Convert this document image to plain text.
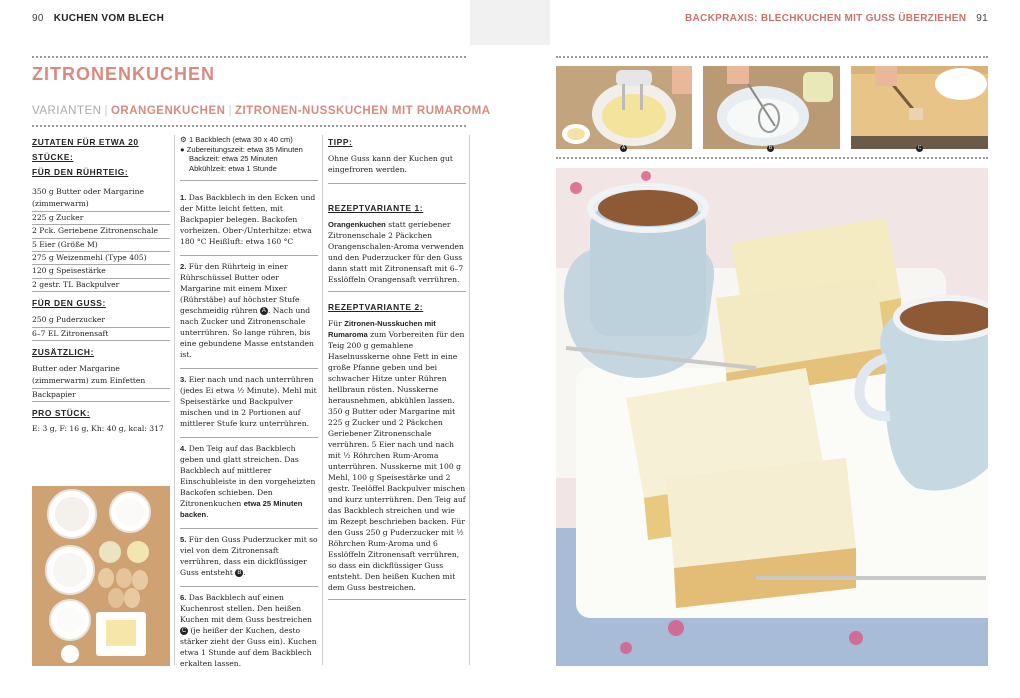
90 KUCHEN VOM BLECH
ZITRONENKUCHEN
VARIANTEN | ORANGENKUCHEN | ZITRONEN-NUSSKUCHEN MIT RUMAROMA
ZUTATEN FÜR ETWA 20 STÜCKE:
FÜR DEN RÜHRTEIG:
350 g Butter oder Margarine (zimmerwarm)
225 g Zucker
2 Pck. Geriebene Zitronenschale
5 Eier (Größe M)
275 g Weizenmehl (Type 405)
120 g Speisestärke
2 gestr. TL Backpulver
FÜR DEN GUSS:
250 g Puderzucker
6–7 EL Zitronensaft
ZUSÄTZLICH:
Butter oder Margarine (zimmerwarm) zum Einfetten
Backpapier
PRO STÜCK:
E: 3 g, F: 16 g, Kh: 40 g, kcal: 317
⚙ 1 Backblech (etwa 30 x 40 cm)
● Zubereitungszeit: etwa 35 Minuten
Backzeit: etwa 25 Minuten
Abkühlzeit: etwa 1 Stunde
1. Das Backblech in den Ecken und der Mitte leicht fetten, mit Backpapier belegen. Backofen vorheizen. Ober-/Unterhitze: etwa 180 °C Heißluft: etwa 160 °C
2. Für den Rührteig in einer Rührschüssel Butter oder Margarine mit einem Mixer (Rührstäbe) auf höchster Stufe geschmeidig rühren A . Nach und nach Zucker und Zitronenschale unterrühren. So lange rühren, bis eine gebundene Masse entstanden ist.
3. Eier nach und nach unterrühren (jedes Ei etwa ½ Minute). Mehl mit Speisestärke und Backpulver mischen und in 2 Portionen auf mittlerer Stufe kurz unterrühren.
4. Den Teig auf das Backblech geben und glatt streichen. Das Backblech auf mittlerer Einschubleiste in den vorgeheizten Backofen schieben. Den Zitronenkuchen etwa 25 Minuten backen.
5. Für den Guss Puderzucker mit so viel von dem Zitronensaft verrühren, dass ein dickflüssiger Guss entsteht B .
6. Das Backblech auf einen Kuchenrost stellen. Den heißen Kuchen mit dem Guss bestreichen C (je heißer der Kuchen, desto stärker zieht der Guss ein). Kuchen etwa 1 Stunde auf dem Backblech erkalten lassen.
TIPP:
Ohne Guss kann der Kuchen gut eingefroren werden.
REZEPTVARIANTE 1:
Orangenkuchen statt geriebener Zitronenschale 2 Päckchen Orangenschalen-Aroma verwenden und den Puderzucker für den Guss dann statt mit Zitronensaft mit 6–7 Esslöffeln Orangensaft verrühren.
REZEPTVARIANTE 2:
Für Zitronen-Nusskuchen mit Rumaroma zum Vorbereiten für den Teig 200 g gemahlene Haselnusskerne ohne Fett in eine große Pfanne geben und bei schwacher Hitze unter Rühren hellbraun rösten. Nusskerne herausnehmen, abkühlen lassen. 350 g Butter oder Margarine mit 225 g Zucker und 2 Päckchen Geriebener Zitronenschale verrühren. 5 Eier nach und nach mit ½ Röhrchen Rum-Aroma unterrühren. Nusskerne mit 100 g Mehl, 100 g Speisestärke und 2 gestr. Teelöffel Backpulver mischen und kurz unterrühren. Den Teig auf das Backblech streichen und wie im Rezept beschrieben backen. Für den Guss 250 g Puderzucker mit ½ Röhrchen Rum-Aroma und 6 Esslöffeln Zitronensaft verrühren, so dass ein dickflüssiger Guss entsteht. Den heißen Kuchen mit dem Guss bestreichen.
BACKPRAXIS: BLECHKUCHEN MIT GUSS ÜBERZIEHEN 91
A	B	C
